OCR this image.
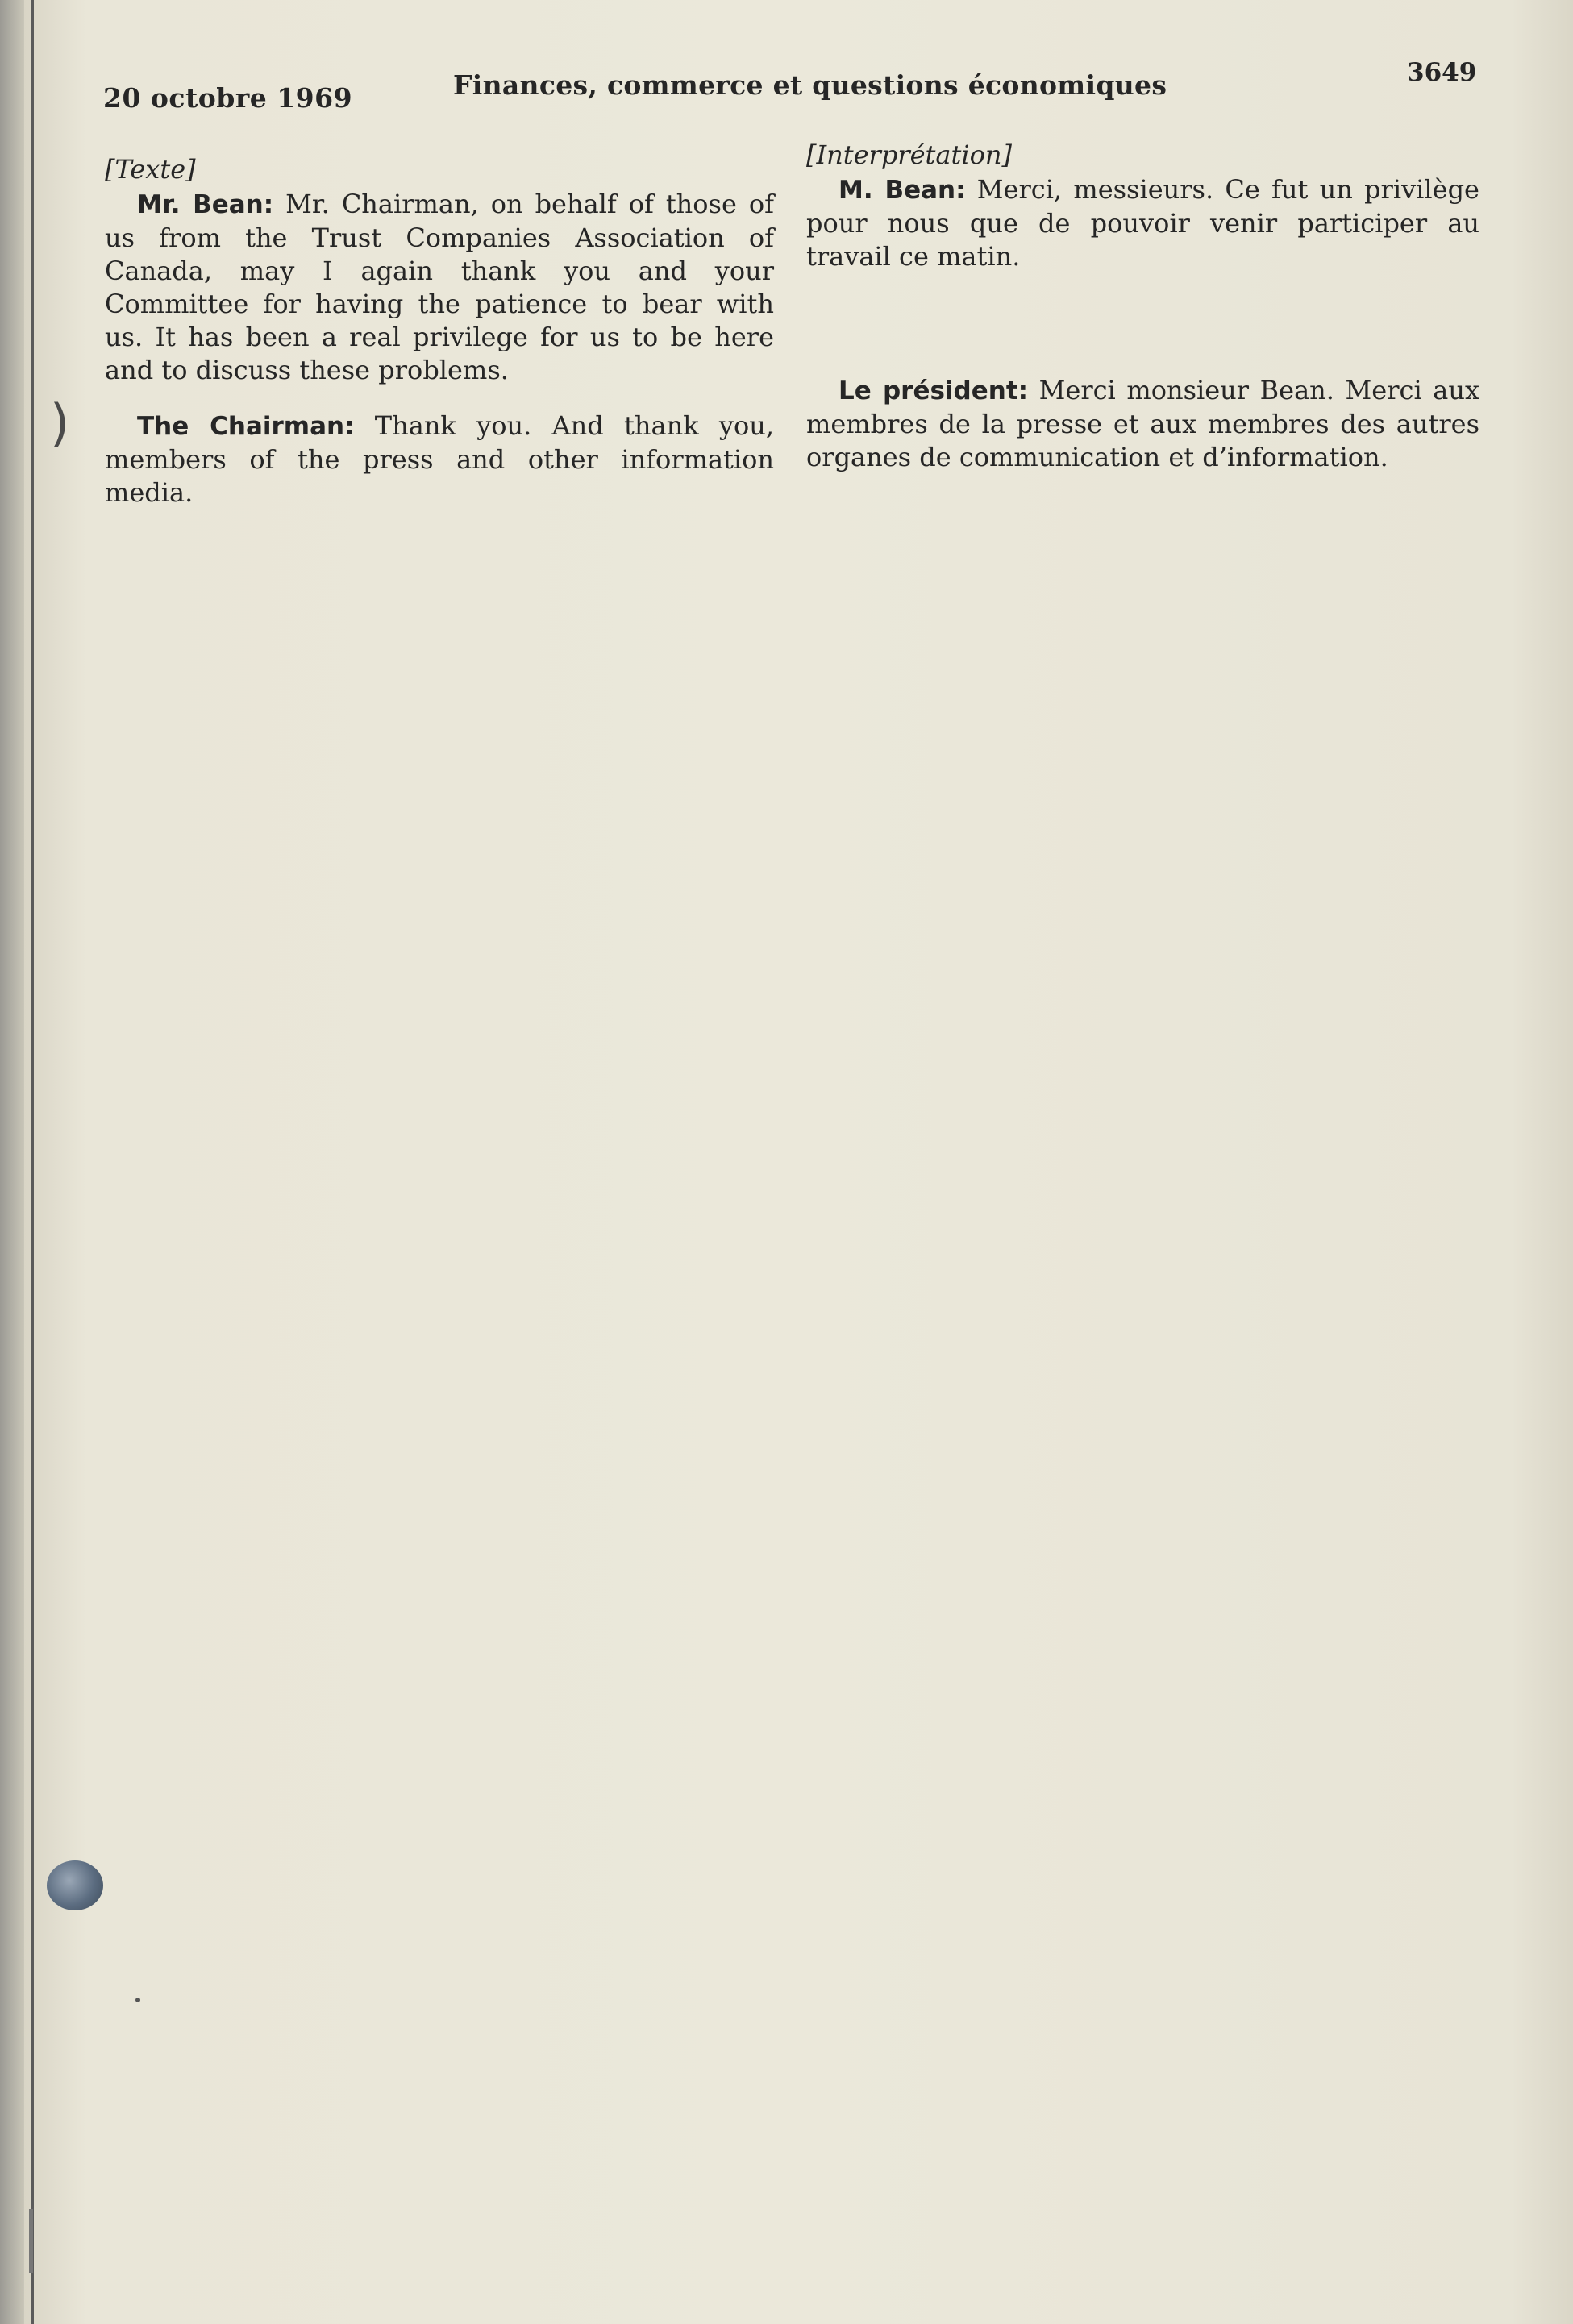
20 octobre 1969	Finances, commerce et questions économiques	3649

[Texte]

Mr. Bean: Mr. Chairman, on behalf of those of us from the Trust Companies Association of Canada, may I again thank you and your Committee for having the patience to bear with us. It has been a real privilege for us to be here and to discuss these problems.

The Chairman: Thank you. And thank you, members of the press and other information media.

[Interprétation]

M. Bean: Merci, messieurs. Ce fut un privilège pour nous que de pouvoir venir participer au travail ce matin.

Le président: Merci monsieur Bean. Merci aux membres de la presse et aux membres des autres organes de communication et d’information.

)
